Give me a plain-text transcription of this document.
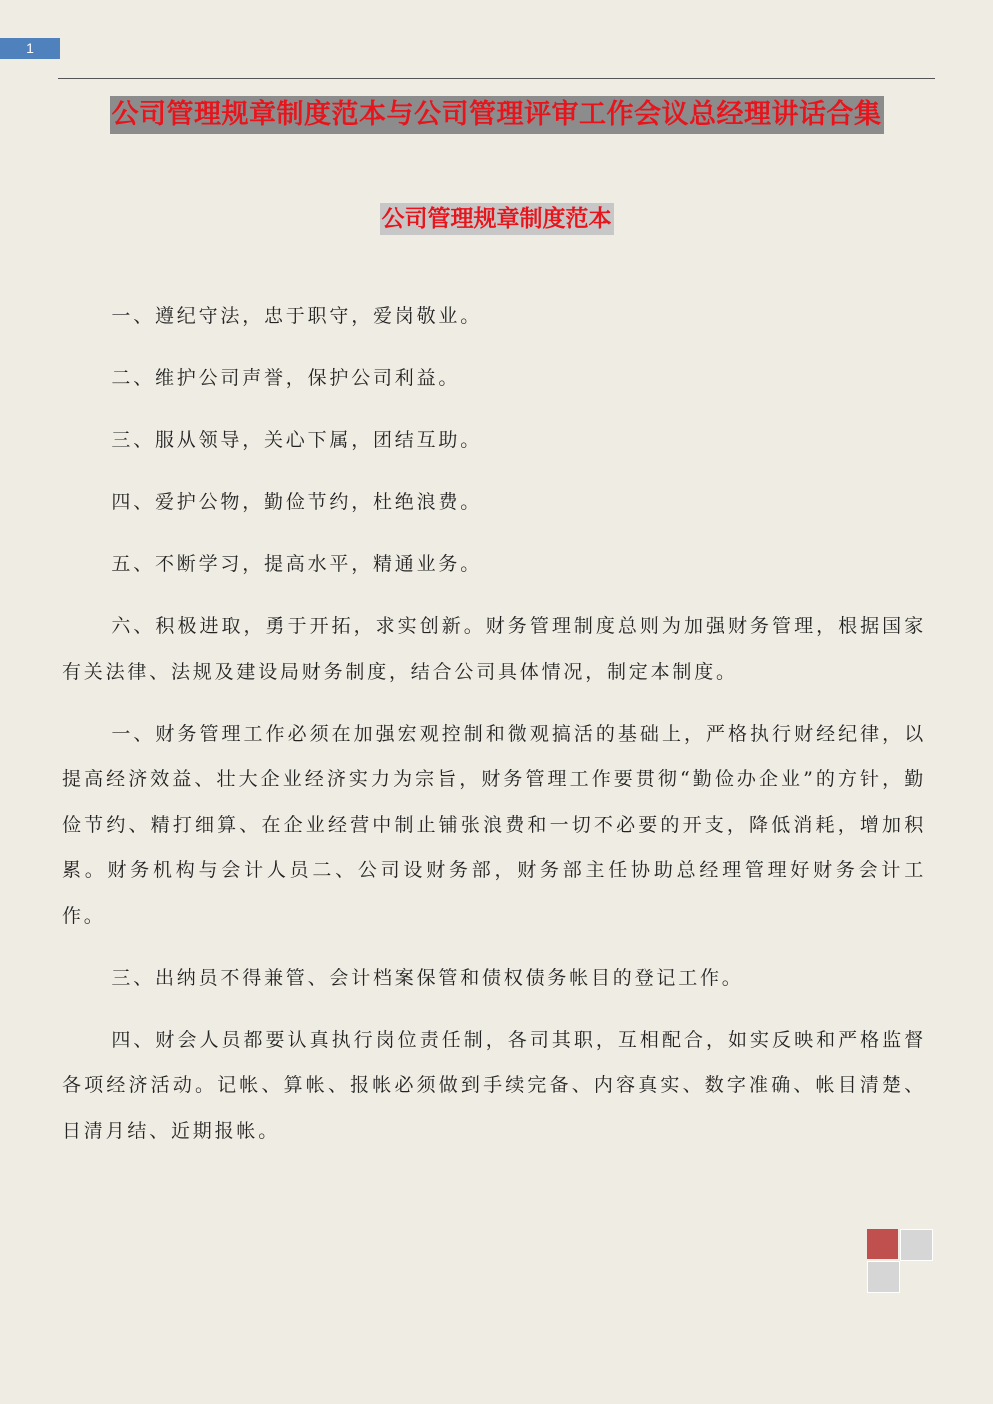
1
公司管理规章制度范本与公司管理评审工作会议总经理讲话合集
公司管理规章制度范本

一、遵纪守法，忠于职守，爱岗敬业。

二、维护公司声誉，保护公司利益。

三、服从领导，关心下属，团结互助。

四、爱护公物，勤俭节约，杜绝浪费。

五、不断学习，提高水平，精通业务。

六、积极进取，勇于开拓，求实创新。财务管理制度总则为加强财务管理，根据国家有关法律、法规及建设局财务制度，结合公司具体情况，制定本制度。

一、财务管理工作必须在加强宏观控制和微观搞活的基础上，严格执行财经纪律，以提高经济效益、壮大企业经济实力为宗旨，财务管理工作要贯彻“勤俭办企业”的方针，勤俭节约、精打细算、在企业经营中制止铺张浪费和一切不必要的开支，降低消耗，增加积累。财务机构与会计人员二、公司设财务部，财务部主任协助总经理管理好财务会计工作。

三、出纳员不得兼管、会计档案保管和债权债务帐目的登记工作。

四、财会人员都要认真执行岗位责任制，各司其职，互相配合，如实反映和严格监督各项经济活动。记帐、算帐、报帐必须做到手续完备、内容真实、数字准确、帐目清楚、日清月结、近期报帐。
